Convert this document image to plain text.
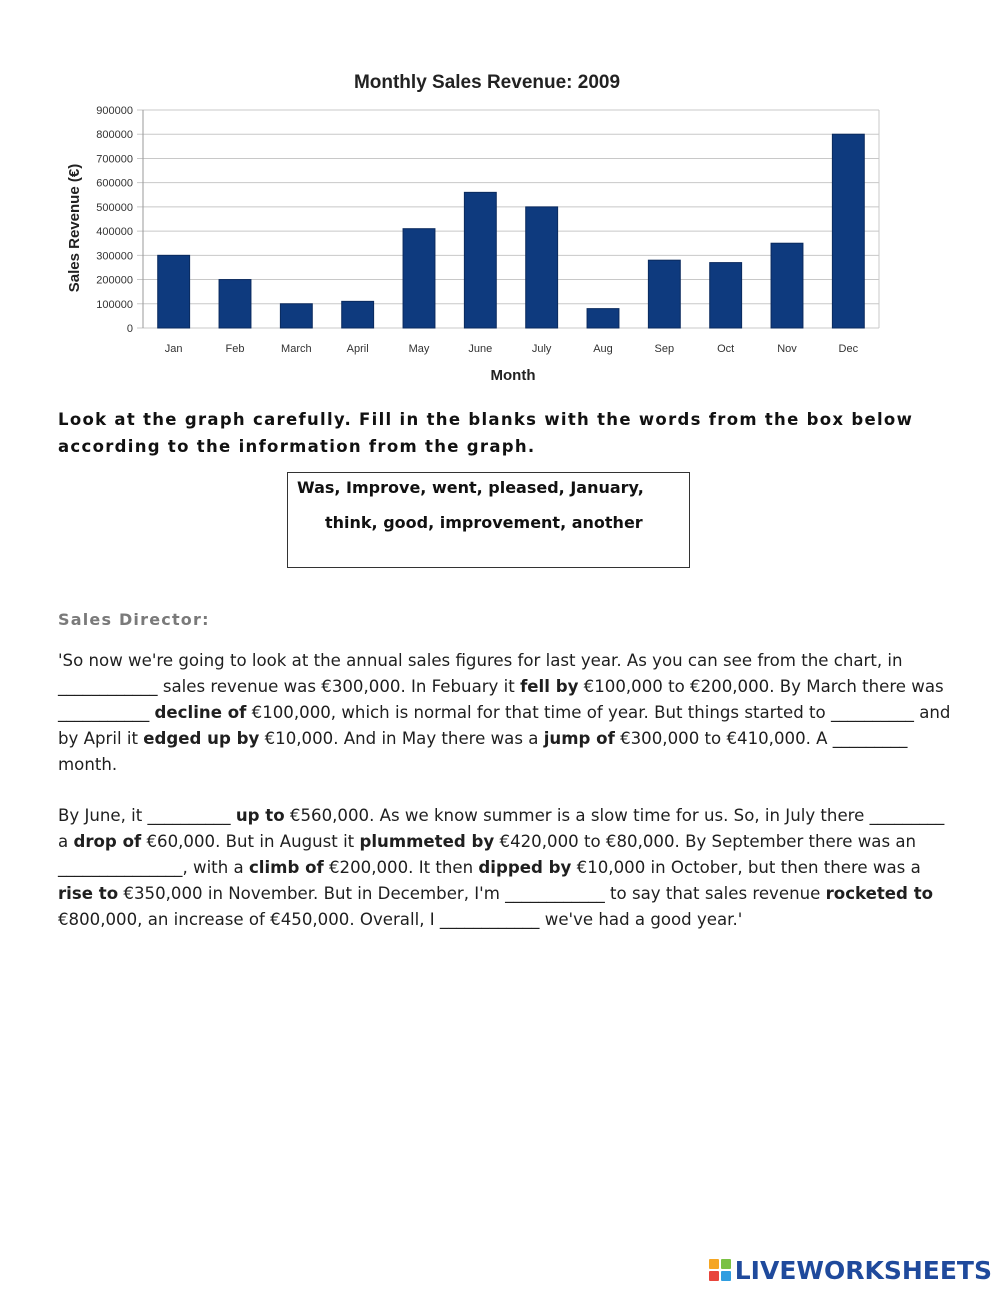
Monthly Sales Revenue: 2009
0
100000
200000
300000
400000
500000
600000
700000
800000
900000
Jan	Feb	March	April	May	June	July	Aug	Sep	Oct	Nov	Dec
Sales Revenue (€)
Month
Look at the graph carefully. Fill in the blanks with the words from the box below according to the information from the graph.
Was, Improve, went, pleased, January,
think, good, improvement, another
Sales Director:

'So now we're going to look at the annual sales figures for last year. As you can see from the chart, in ____________ sales revenue was €300,000. In Febuary it fell by €100,000 to €200,000. By March there was ___________ decline of €100,000, which is normal for that time of year. But things started to __________ and by April it edged up by €10,000. And in May there was a jump of €300,000 to €410,000. A _________ month.

By June, it __________ up to €560,000. As we know summer is a slow time for us. So, in July there _________ a drop of €60,000. But in August it plummeted by €420,000 to €80,000. By September there was an _______________, with a climb of €200,000. It then dipped by €10,000 in October, but then there was a rise to €350,000 in November. But in December, I'm ____________ to say that sales revenue rocketed to €800,000, an increase of €450,000. Overall, I ____________ we've had a good year.'

LIVEWORKSHEETS
